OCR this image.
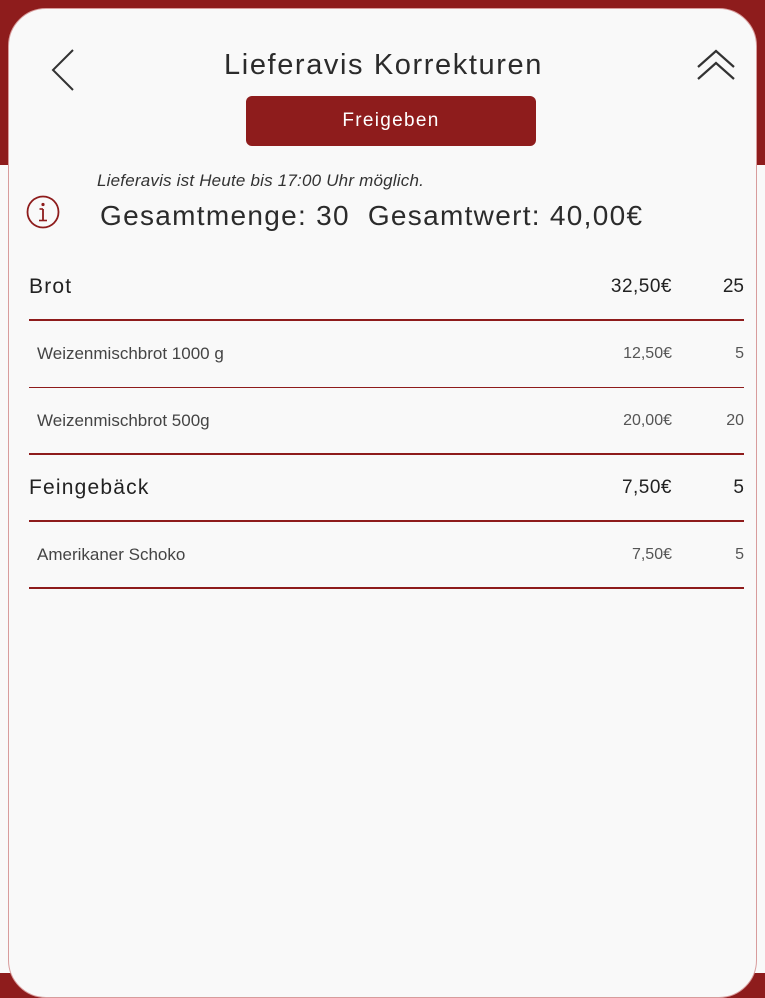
Lieferavis Korrekturen
Freigeben
Lieferavis ist Heute bis 17:00 Uhr möglich.
Gesamtmenge: 30 Gesamtwert: 40,00€
Brot	32,50€	25
Weizenmischbrot 1000 g	12,50€	5
Weizenmischbrot 500g	20,00€	20
Feingebäck	7,50€	5
Amerikaner Schoko	7,50€	5
